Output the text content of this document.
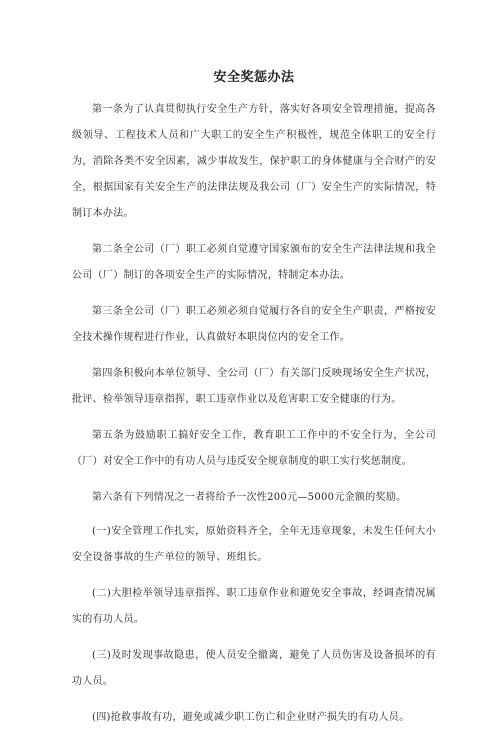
安全奖惩办法

第一条为了认真贯彻执行安全生产方针，落实好各项安全管理措施，提高各级领导、工程技术人员和广大职工的安全生产积极性，规范全体职工的安全行为，消除各类不安全因素，减少事故发生，保护职工的身体健康与全合财产的安全，根据国家有关安全生产的法律法规及我公司（厂）安全生产的实际情况，特制订本办法。

第二条全公司（厂）职工必须自觉遵守国家颁布的安全生产法律法规和我全公司（厂）制订的各项安全生产的实际情况，特制定本办法。

第三条全公司（厂）职工必须必须自觉履行各自的安全生产职责，严格按安全技术操作规程进行作业，认真做好本职岗位内的安全工作。

第四条积极向本单位领导、全公司（厂）有关部门反映现场安全生产状况，批评、检举领导违章指挥，职工违章作业以及危害职工安全健康的行为。

第五条为鼓励职工搞好安全工作，教育职工工作中的不安全行为，全公司（厂）对安全工作中的有功人员与违反安全规章制度的职工实行奖惩制度。

第六条有下列情况之一者将给予一次性200元—5000元金额的奖励。

(一)安全管理工作扎实，原始资料齐全，全年无违章现象，未发生任何大小安全设备事故的生产单位的领导、班组长。

(二)大胆检举领导违章指挥、职工违章作业和避免安全事故，经调查情况属实的有功人员。

(三)及时发现事故隐患，使人员安全撤离，避免了人员伤害及设备损坏的有功人员。

(四)抢救事故有功，避免或减少职工伤亡和企业财产损失的有功人员。
